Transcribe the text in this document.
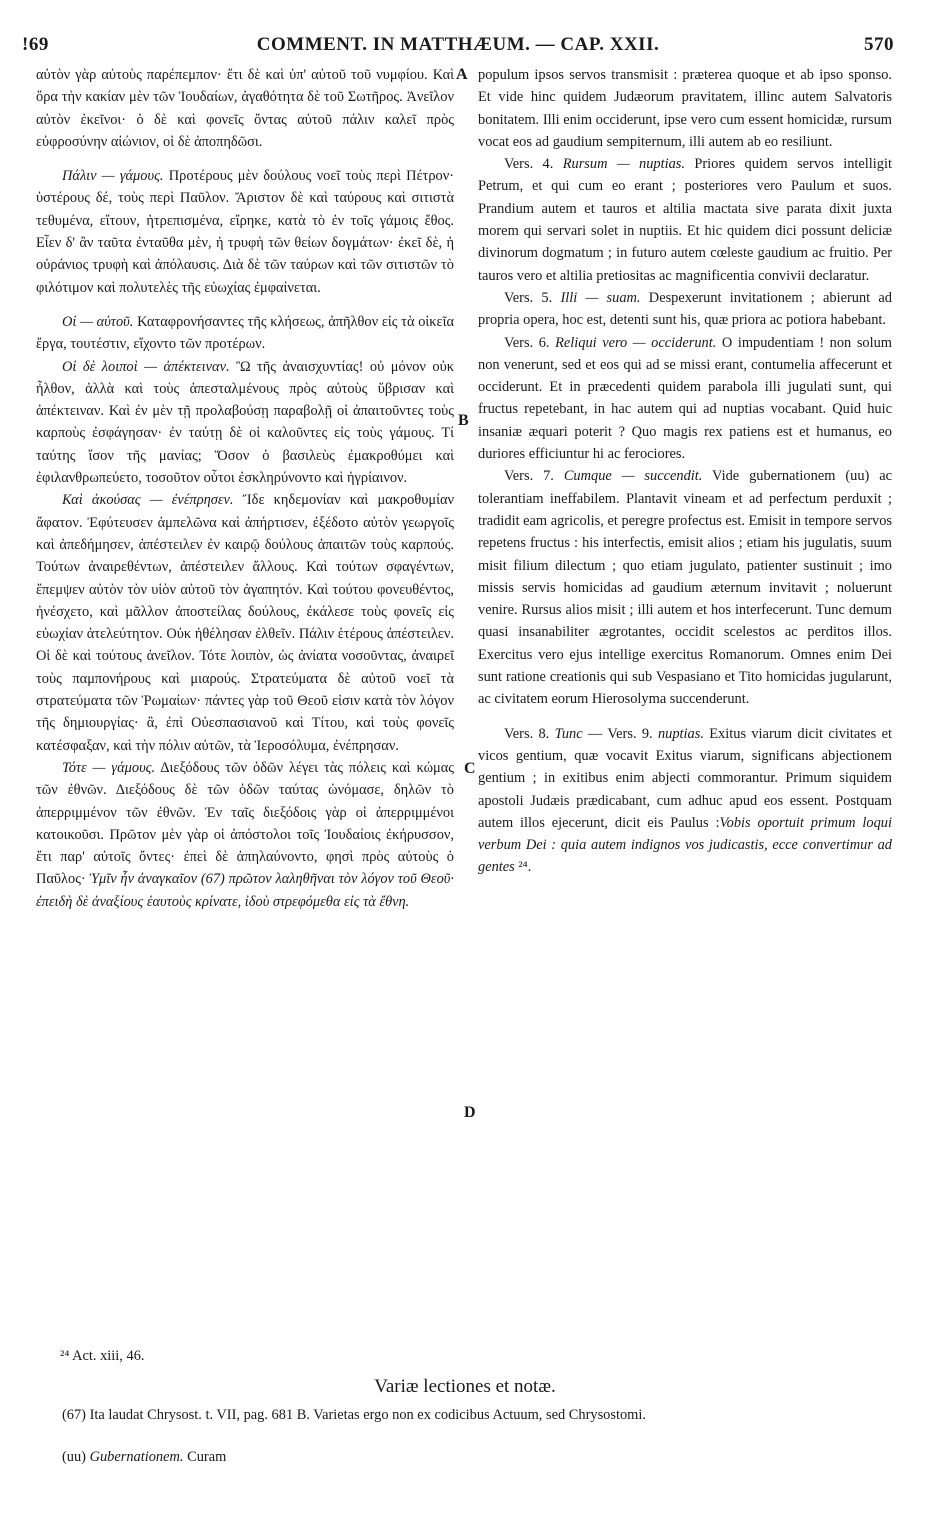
!69	COMMENT. IN MATTHÆUM. — CAP. XXII.	570
A
B
C
D

αὐτὸν γὰρ αὐτοὺς παρέπεμπον· ἔτι δὲ καὶ ὑπ' αὐτοῦ τοῦ νυμφίου. Καὶ ὅρα τὴν κακίαν μὲν τῶν Ἰουδαίων, ἀγαθότητα δὲ τοῦ Σωτῆρος. Ἀνεῖλον αὐτὸν ἐκεῖνοι· ὁ δὲ καὶ φονεῖς ὄντας αὐτοῦ πάλιν καλεῖ πρὸς εὐφροσύνην αἰώνιον, οἱ δὲ ἀποπηδῶσι.

Πάλιν — γάμους. Προτέρους μὲν δούλους νοεῖ τοὺς περὶ Πέτρον· ὑστέρους δέ, τοὺς περὶ Παῦλον. Ἄριστον δὲ καὶ ταύρους καὶ σιτιστὰ τεθυμένα, εἴτουν, ἡτρεπισμένα, εἴρηκε, κατὰ τὸ ἐν τοῖς γάμοις ἔθος. Εἶεν δ' ἂν ταῦτα ἐνταῦθα μὲν, ἡ τρυφὴ τῶν θείων δογμάτων· ἐκεῖ δὲ, ἡ οὐράνιος τρυφὴ καὶ ἀπόλαυσις. Διὰ δὲ τῶν ταύρων καὶ τῶν σιτιστῶν τὸ φιλότιμον καὶ πολυτελὲς τῆς εὐωχίας ἐμφαίνεται.

Οἱ — αὐτοῦ. Καταφρονήσαντες τῆς κλήσεως, ἀπῆλθον εἰς τὰ οἰκεῖα ἔργα, τουτέστιν, εἴχοντο τῶν προτέρων.

Οἱ δὲ λοιποὶ — ἀπέκτειναν. Ὢ τῆς ἀναισχυντίας! οὐ μόνον οὐκ ἦλθον, ἀλλὰ καὶ τοὺς ἀπεσταλμένους πρὸς αὐτοὺς ὕβρισαν καὶ ἀπέκτειναν. Καὶ ἐν μὲν τῇ προλαβούσῃ παραβολῇ οἱ ἀπαιτοῦντες τοὺς καρποὺς ἐσφάγησαν· ἐν ταύτῃ δὲ οἱ καλοῦντες εἰς τοὺς γάμους. Τί ταύτης ἴσον τῆς μανίας; Ὅσον ὁ βασιλεὺς ἐμακροθύμει καὶ ἐφιλανθρωπεύετο, τοσοῦτον οὗτοι ἐσκληρύνοντο καὶ ἠγρίαινον.

Καὶ ἀκούσας — ἐνέπρησεν. Ἴδε κηδεμονίαν καὶ μακροθυμίαν ἄφατον. Ἐφύτευσεν ἀμπελῶνα καὶ ἀπήρτισεν, ἐξέδοτο αὐτὸν γεωργοῖς καὶ ἀπεδήμησεν, ἀπέστειλεν ἐν καιρῷ δούλους ἀπαιτῶν τοὺς καρπούς. Τούτων ἀναιρεθέντων, ἀπέστειλεν ἄλλους. Καὶ τούτων σφαγέντων, ἔπεμψεν αὐτὸν τὸν υἱὸν αὐτοῦ τὸν ἀγαπητόν. Καὶ τούτου φονευθέντος, ἠνέσχετο, καὶ μᾶλλον ἀποστείλας δούλους, ἐκάλεσε τοὺς φονεῖς εἰς εὐωχίαν ἀτελεύτητον. Οὐκ ἠθέλησαν ἐλθεῖν. Πάλιν ἑτέρους ἀπέστειλεν. Οἱ δὲ καὶ τούτους ἀνεῖλον. Τότε λοιπὸν, ὡς ἀνίατα νοσοῦντας, ἀναιρεῖ τοὺς παμπονήρους καὶ μιαρούς. Στρατεύματα δὲ αὐτοῦ νοεῖ τὰ στρατεύματα τῶν Ῥωμαίων· πάντες γὰρ τοῦ Θεοῦ εἰσιν κατὰ τὸν λόγον τῆς δημιουργίας· ἃ, ἐπὶ Οὐεσπασιανοῦ καὶ Τίτου, καὶ τοὺς φονεῖς κατέσφαξαν, καὶ τὴν πόλιν αὐτῶν, τὰ Ἱεροσόλυμα, ἐνέπρησαν.

Τότε — γάμους. Διεξόδους τῶν ὁδῶν λέγει τὰς πόλεις καὶ κώμας τῶν ἐθνῶν. Διεξόδους δὲ τῶν ὁδῶν ταύτας ὠνόμασε, δηλῶν τὸ ἀπερριμμένον τῶν ἐθνῶν. Ἐν ταῖς διεξόδοις γὰρ οἱ ἀπερριμμένοι κατοικοῦσι. Πρῶτον μὲν γὰρ οἱ ἀπόστολοι τοῖς Ἰουδαίοις ἐκήρυσσον, ἔτι παρ' αὐτοῖς ὄντες· ἐπεὶ δὲ ἀπηλαύνοντο, φησὶ πρὸς αὐτοὺς ὁ Παῦλος· Ὑμῖν ἦν ἀναγκαῖον (67) πρῶτον λαληθῆναι τὸν λόγον τοῦ Θεοῦ· ἐπειδὴ δὲ ἀναξίους ἑαυτοὺς κρίνατε, ἰδοὺ στρεφόμεθα εἰς τὰ ἔθνη.

populum ipsos servos transmisit : præterea quoque et ab ipso sponso. Et vide hinc quidem Judæorum pravitatem, illinc autem Salvatoris bonitatem. Illi enim occiderunt, ipse vero cum essent homicidæ, rursum vocat eos ad gaudium sempiternum, illi autem ab eo resiliunt.

Vers. 4. Rursum — nuptias. Priores quidem servos intelligit Petrum, et qui cum eo erant ; posteriores vero Paulum et suos. Prandium autem et tauros et altilia mactata sive parata dixit juxta morem qui servari solet in nuptiis. Et hic quidem dici possunt deliciæ divinorum dogmatum ; in futuro autem cœleste gaudium ac fruitio. Per tauros vero et altilia pretiositas ac magnificentia convivii declaratur.

Vers. 5. Illi — suam. Despexerunt invitationem ; abierunt ad propria opera, hoc est, detenti sunt his, quæ priora ac potiora habebant.

Vers. 6. Reliqui vero — occiderunt. O impudentiam ! non solum non venerunt, sed et eos qui ad se missi erant, contumelia affecerunt et occiderunt. Et in præcedenti quidem parabola illi jugulati sunt, qui fructus repetebant, in hac autem qui ad nuptias vocabant. Quid huic insaniæ æquari poterit ? Quo magis rex patiens est et humanus, eo duriores efficiuntur hi ac ferociores.

Vers. 7. Cumque — succendit. Vide gubernationem (uu) ac tolerantiam ineffabilem. Plantavit vineam et ad perfectum perduxit ; tradidit eam agricolis, et peregre profectus est. Emisit in tempore servos repetens fructus : his interfectis, emisit alios ; etiam his jugulatis, suum misit filium dilectum ; quo etiam jugulato, patienter sustinuit ; imo missis servis homicidas ad gaudium æternum invitavit ; noluerunt venire. Rursus alios misit ; illi autem et hos interfecerunt. Tunc demum quasi insanabiliter ægrotantes, occidit scelestos ac perditos illos. Exercitus vero ejus intellige exercitus Romanorum. Omnes enim Dei sunt ratione creationis qui sub Vespasiano et Tito homicidas jugularunt, ac civitatem eorum Hierosolyma succenderunt.

Vers. 8. Tunc — Vers. 9. nuptias. Exitus viarum dicit civitates et vicos gentium, quæ vocavit Exitus viarum, significans abjectionem gentium ; in exitibus enim abjecti commorantur. Primum siquidem apostoli Judæis prædicabant, cum adhuc apud eos essent. Postquam autem illos ejecerunt, dicit eis Paulus :Vobis oportuit primum loqui verbum Dei : quia autem indignos vos judicastis, ecce convertimur ad gentes ²⁴.

²⁴ Act. xiii, 46.
Variæ lectiones et notæ.
(67) Ita laudat Chrysost. t. VII, pag. 681 B. Varietas ergo non ex codicibus Actuum, sed Chrysostomi.
(uu) Gubernationem. Curam
